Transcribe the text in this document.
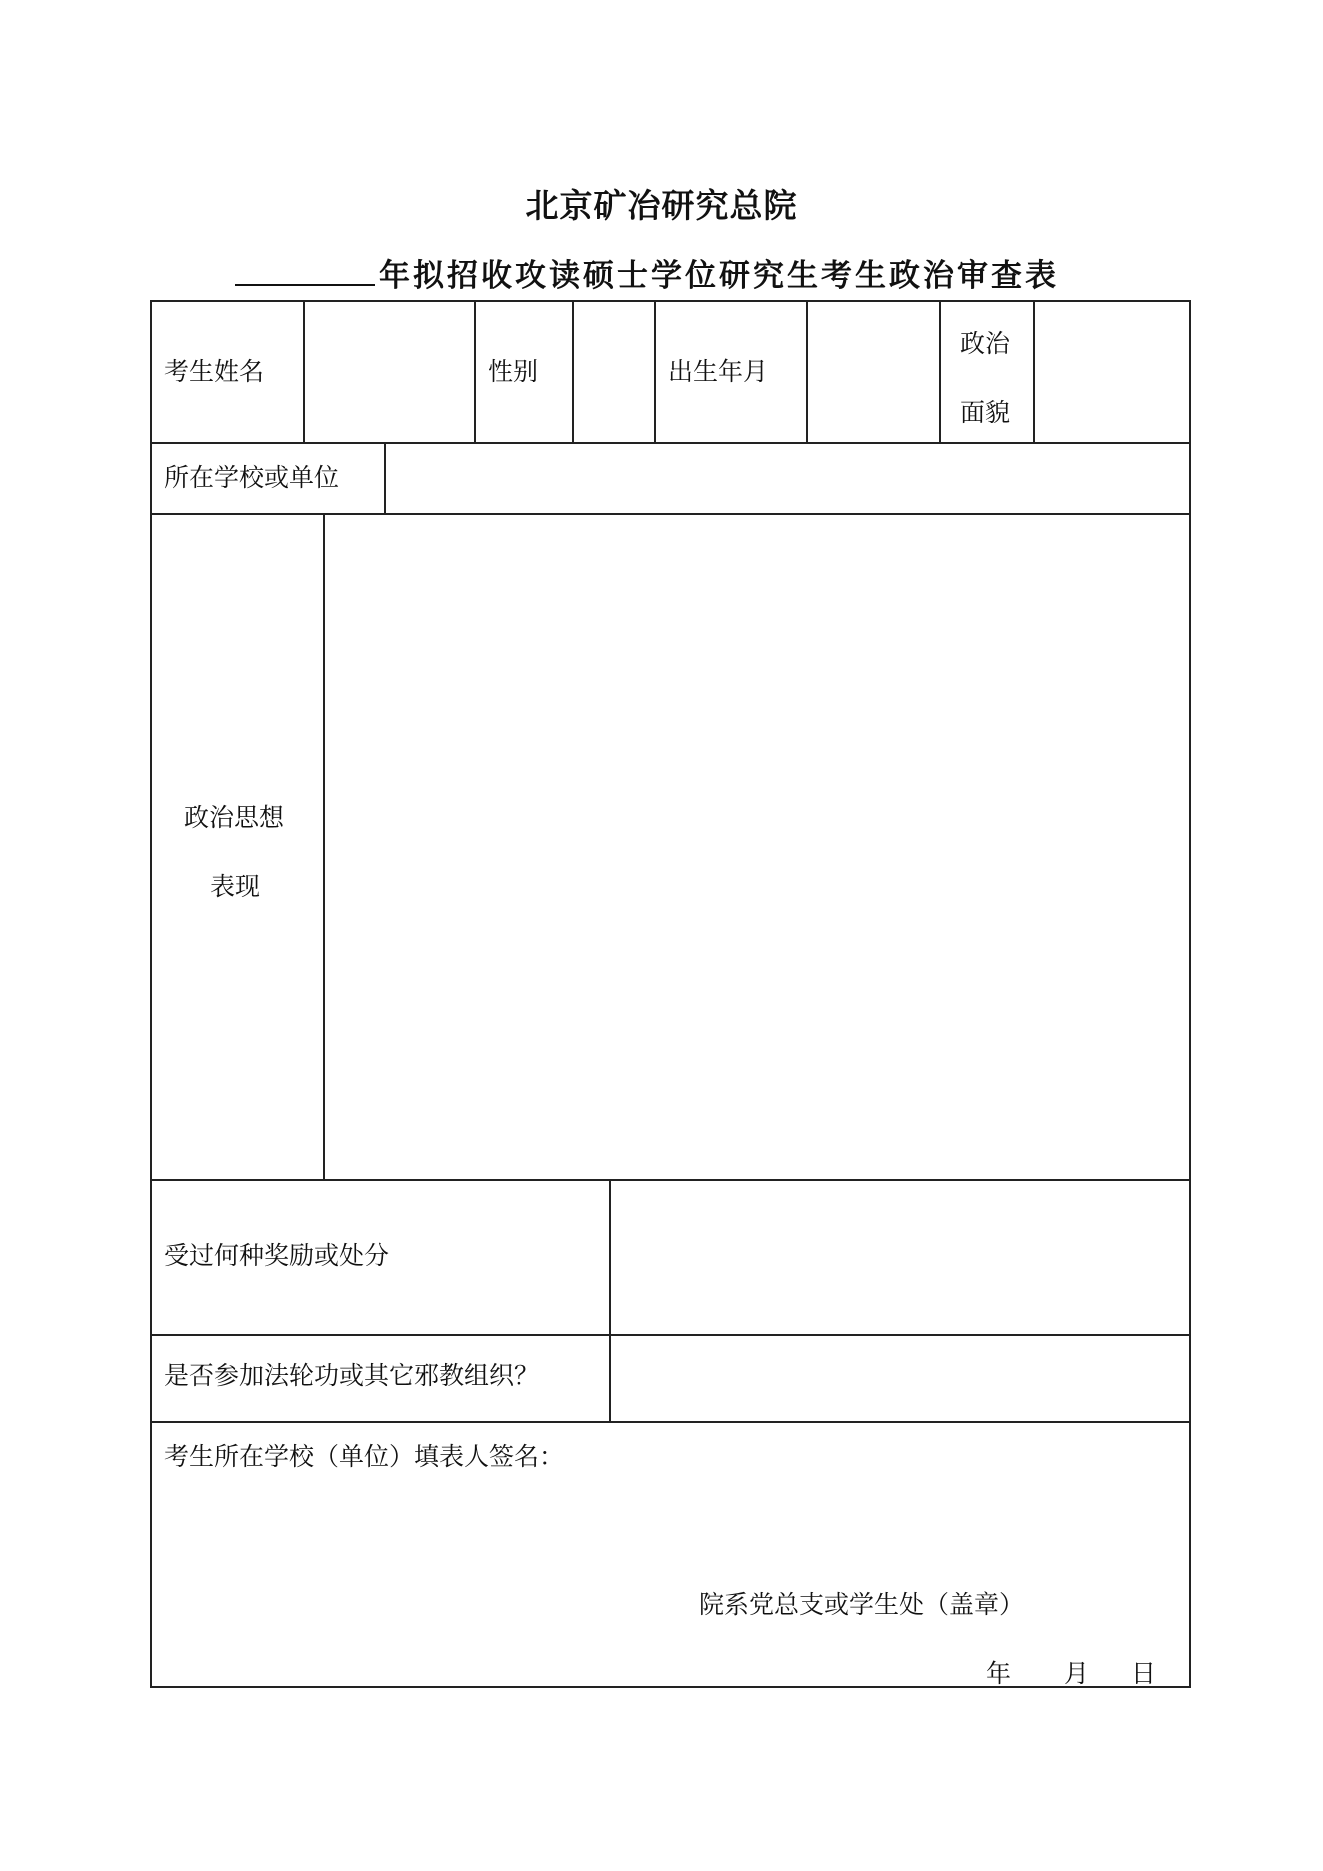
北京矿冶研究总院
年拟招收攻读硕士学位研究生考生政治审查表
考生姓名	性别	出生年月
政治
面貌
所在学校或单位
政治思想
表现
受过何种奖励或处分
是否参加法轮功或其它邪教组织？
考生所在学校（单位）填表人签名：
院系党总支或学生处（盖章）
年 月 日
